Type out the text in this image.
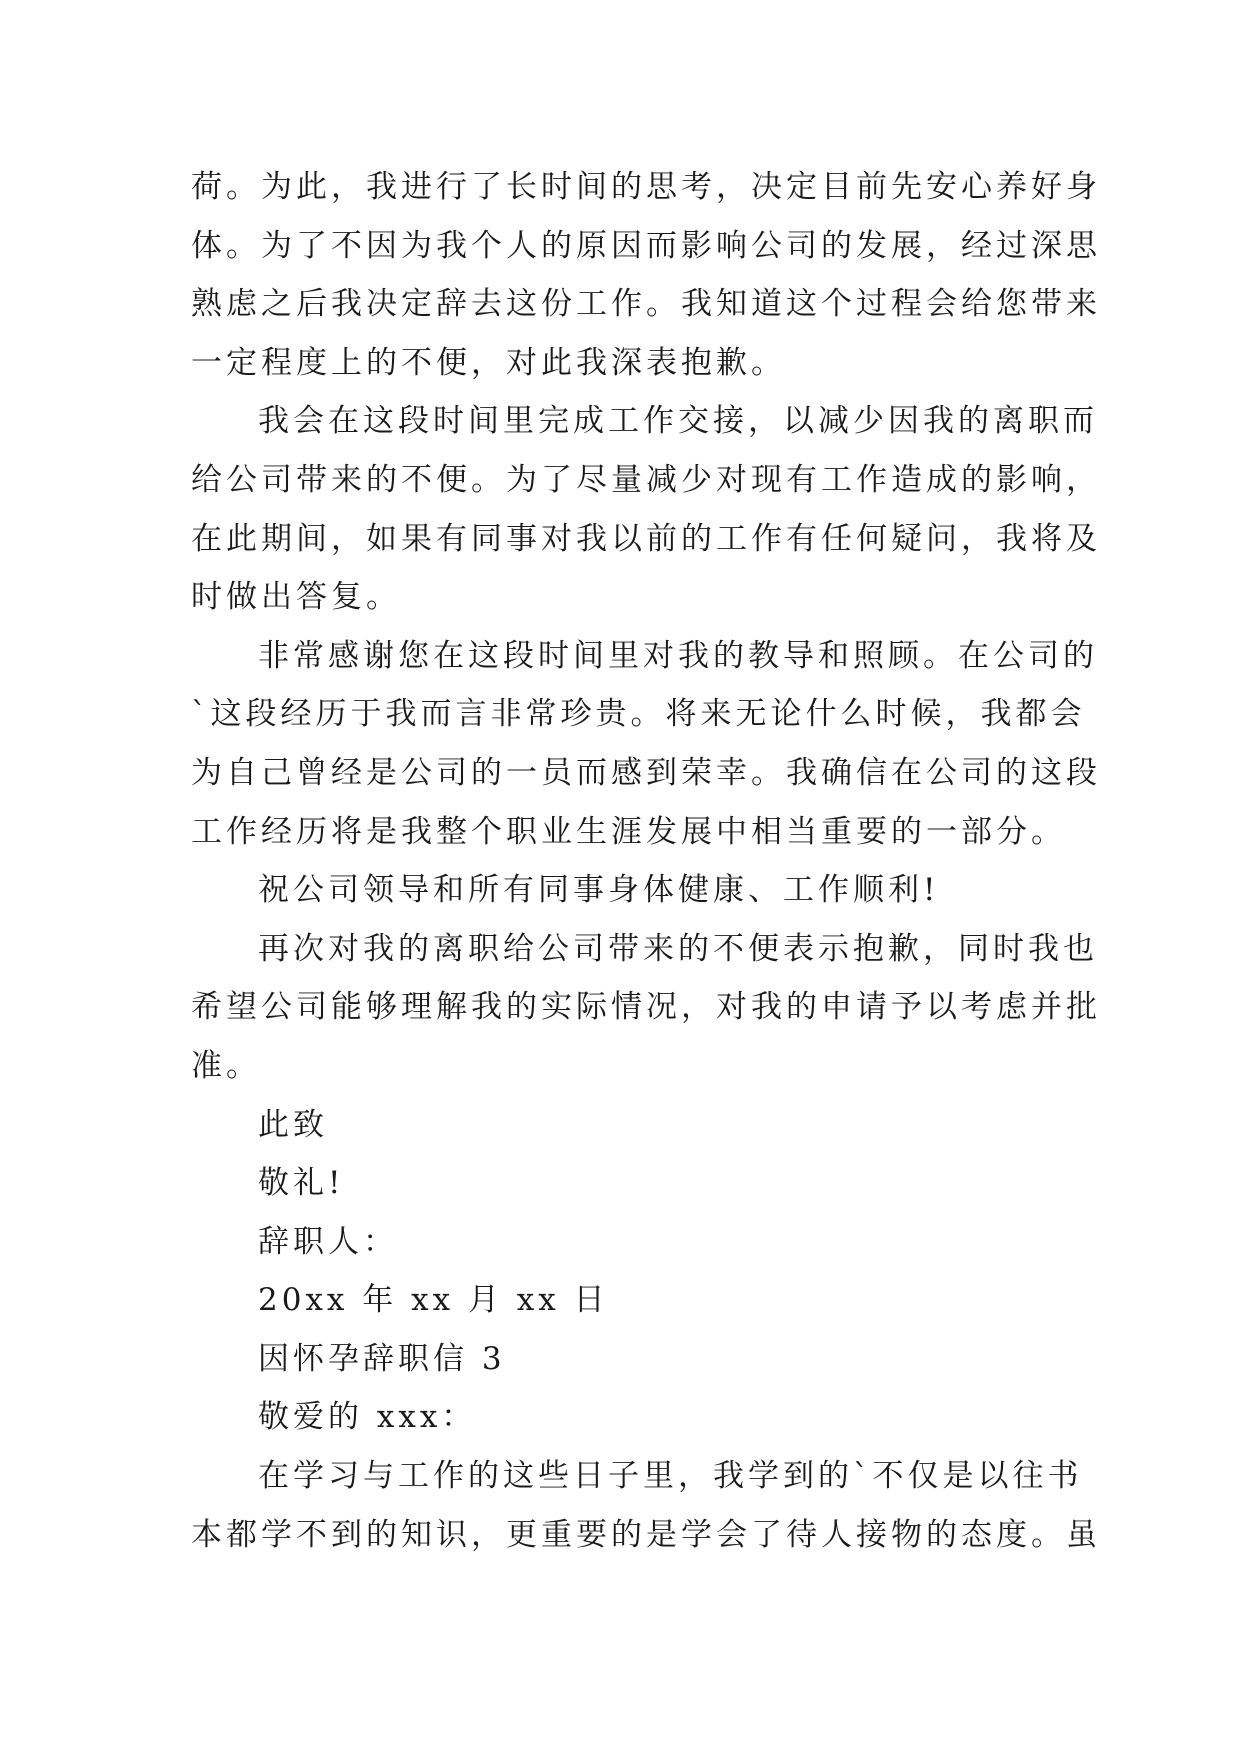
荷。为此，我进行了长时间的思考，决定目前先安心养好身
体。为了不因为我个人的原因而影响公司的发展，经过深思
熟虑之后我决定辞去这份工作。我知道这个过程会给您带来
一定程度上的不便，对此我深表抱歉。
我会在这段时间里完成工作交接，以减少因我的离职而
给公司带来的不便。为了尽量减少对现有工作造成的影响，
在此期间，如果有同事对我以前的工作有任何疑问，我将及
时做出答复。
非常感谢您在这段时间里对我的教导和照顾。在公司的
`这段经历于我而言非常珍贵。将来无论什么时候，我都会
为自己曾经是公司的一员而感到荣幸。我确信在公司的这段
工作经历将是我整个职业生涯发展中相当重要的一部分。
祝公司领导和所有同事身体健康、工作顺利!
再次对我的离职给公司带来的不便表示抱歉，同时我也
希望公司能够理解我的实际情况，对我的申请予以考虑并批
准。
此致
敬礼!
辞职人：
20xx 年 xx 月 xx 日
因怀孕辞职信 3
敬爱的 xxx：
在学习与工作的这些日子里，我学到的`不仅是以往书
本都学不到的知识，更重要的是学会了待人接物的态度。虽
